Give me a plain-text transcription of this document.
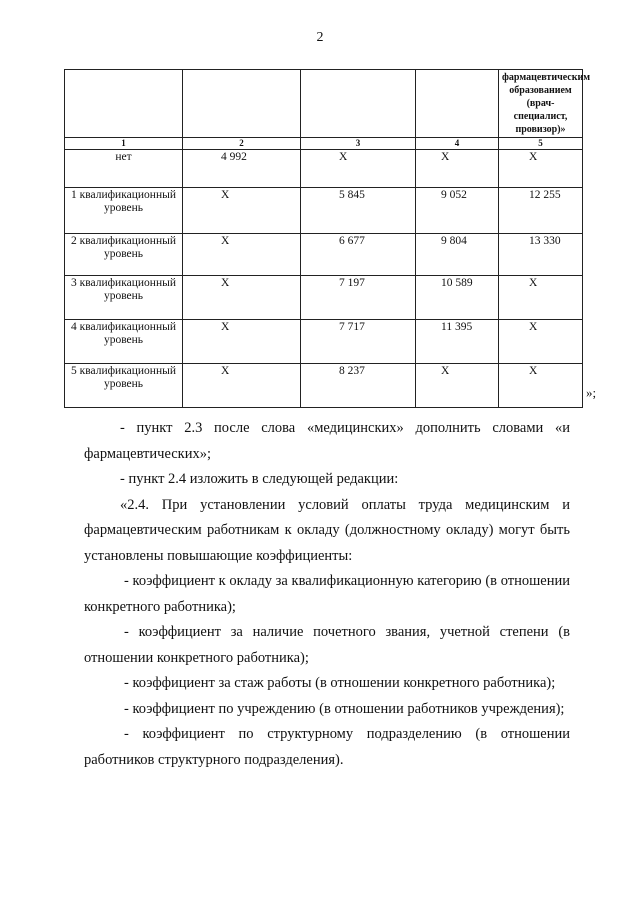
2
				фармацевтическим образованием (врач-специалист, провизор)»
1	2	3	4	5
нет	4 992	X	X	X
1 квалификационный уровень	X	5 845	9 052	12 255
2 квалификационный уровень	X	6 677	9 804	13 330
3 квалификационный уровень	X	7 197	10 589	X
4 квалификационный уровень	X	7 717	11 395	X
5 квалификационный уровень	X	8 237	X	X
»;

- пункт 2.3 после слова «медицинских» дополнить словами «и фармацевтических»;

- пункт 2.4 изложить в следующей редакции:

«2.4. При установлении условий оплаты труда медицинским и фармацевтическим работникам к окладу (должностному окладу) могут быть установлены повышающие коэффициенты:

- коэффициент к окладу за квалификационную категорию (в отношении конкретного работника);

- коэффициент за наличие почетного звания, учетной степени (в отношении конкретного работника);

- коэффициент за стаж работы (в отношении конкретного работника);

- коэффициент по учреждению (в отношении работников учреждения);

- коэффициент по структурному подразделению (в отношении работников структурного подразделения).
